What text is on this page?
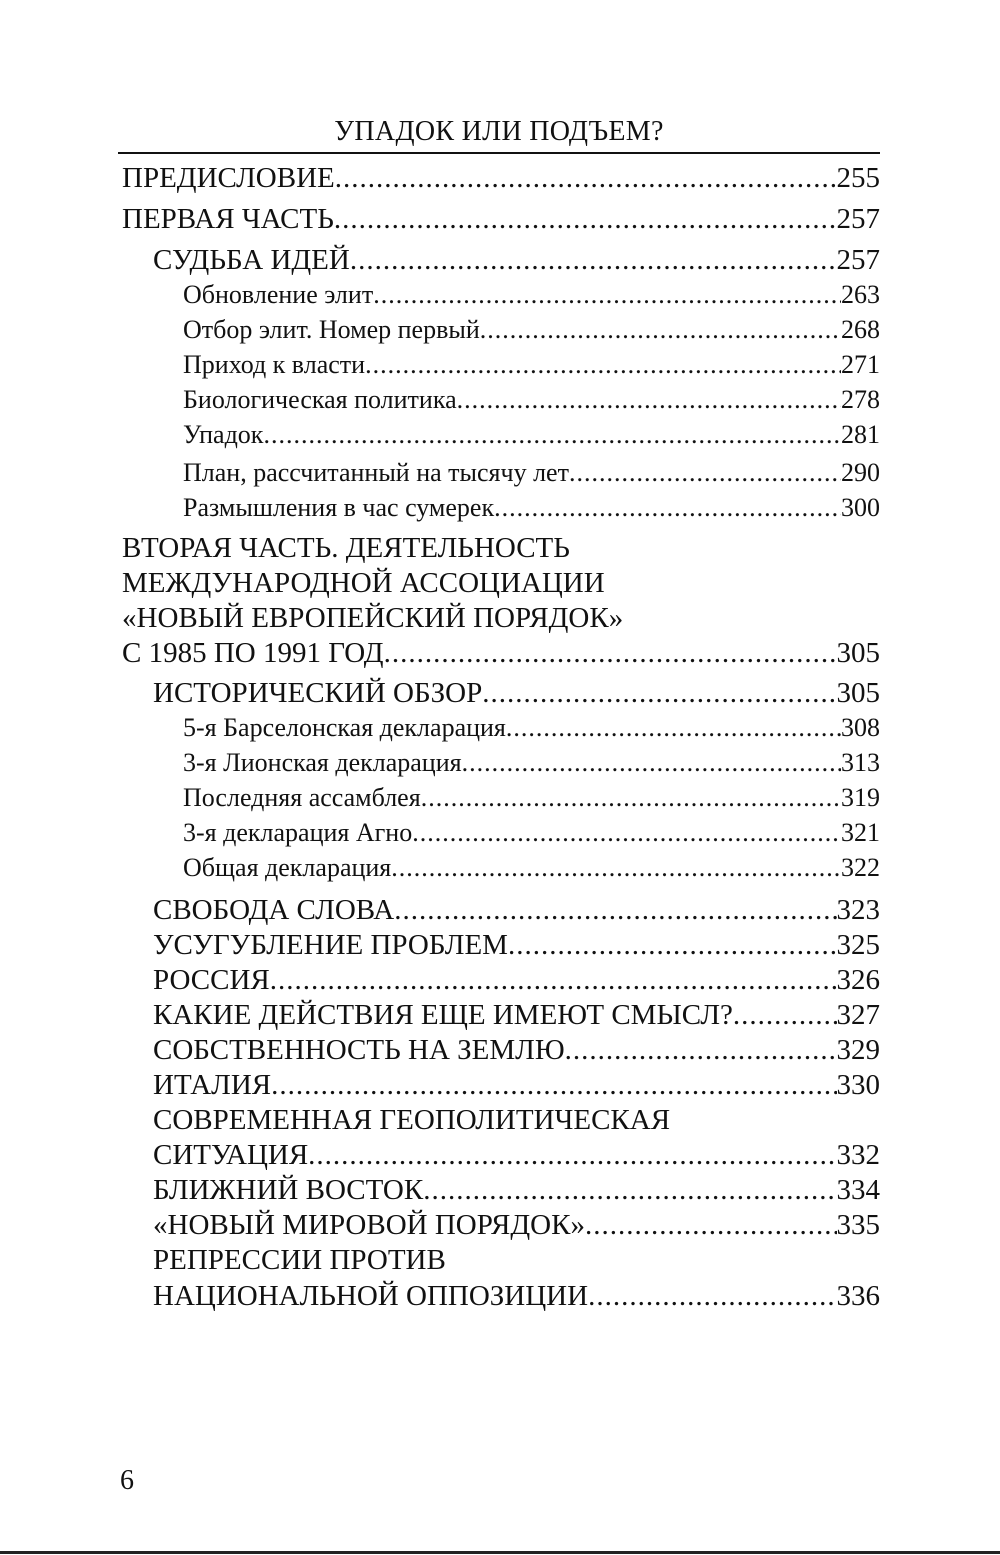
УПАДОК ИЛИ ПОДЪЕМ?
ПРЕДИСЛОВИЕ .....	255
ПЕРВАЯ ЧАСТЬ .....	257
СУДЬБА ИДЕЙ .....	257
Обновление элит .....	263
Отбор элит. Номер первый .....	268
Приход к власти .....	271
Биологическая политика .....	278
Упадок .....	281
План, рассчитанный на тысячу лет .....	290
Размышления в час сумерек .....	300
ВТОРАЯ ЧАСТЬ. ДЕЯТЕЛЬНОСТЬ
МЕЖДУНАРОДНОЙ АССОЦИАЦИИ
«НОВЫЙ ЕВРОПЕЙСКИЙ ПОРЯДОК»
С 1985 ПО 1991 ГОД .....	305
ИСТОРИЧЕСКИЙ ОБЗОР .....	305
5-я Барселонская декларация .....	308
3-я Лионская декларация .....	313
Последняя ассамблея .....	319
3-я декларация Агно .....	321
Общая декларация .....	322
СВОБОДА СЛОВА .....	323
УСУГУБЛЕНИЕ ПРОБЛЕМ .....	325
РОССИЯ .....	326
КАКИЕ ДЕЙСТВИЯ ЕЩЕ ИМЕЮТ СМЫСЛ? .....	327
СОБСТВЕННОСТЬ НА ЗЕМЛЮ .....	329
ИТАЛИЯ .....	330
СОВРЕМЕННАЯ ГЕОПОЛИТИЧЕСКАЯ
СИТУАЦИЯ .....	332
БЛИЖНИЙ ВОСТОК .....	334
«НОВЫЙ МИРОВОЙ ПОРЯДОК» .....	335
РЕПРЕССИИ ПРОТИВ
НАЦИОНАЛЬНОЙ ОППОЗИЦИИ .....	336
6
